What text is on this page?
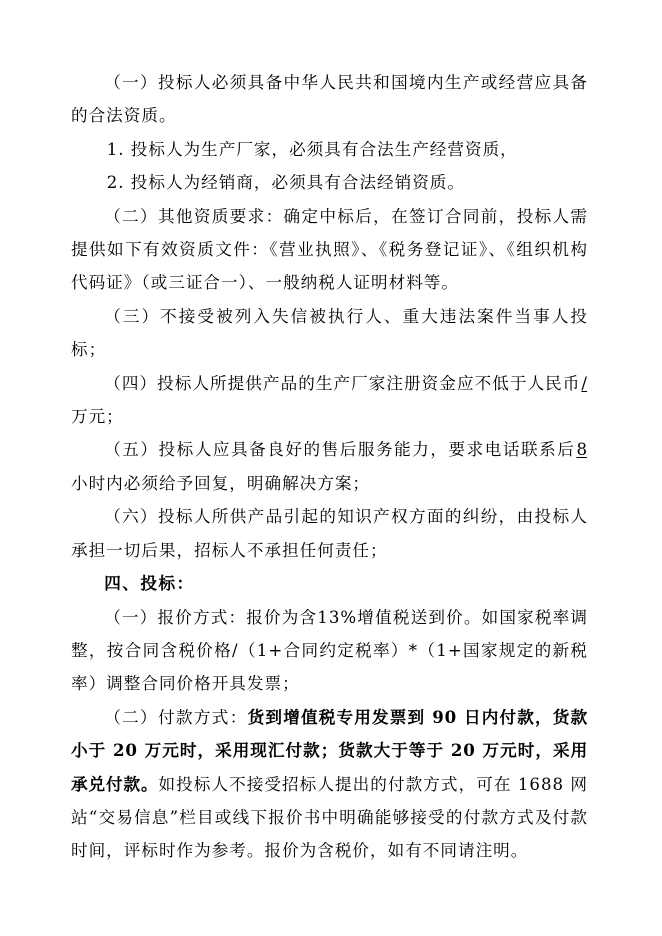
（一）投标人必须具备中华人民共和国境内生产或经营应具备的合法资质。

1. 投标人为生产厂家，必须具有合法生产经营资质，

2. 投标人为经销商，必须具有合法经销资质。

（二）其他资质要求：确定中标后，在签订合同前，投标人需提供如下有效资质文件：《营业执照》、《税务登记证》、《组织机构代码证》（或三证合一）、一般纳税人证明材料等。

（三）不接受被列入失信被执行人、重大违法案件当事人投标；

（四）投标人所提供产品的生产厂家注册资金应不低于人民币/万元；

（五）投标人应具备良好的售后服务能力，要求电话联系后8小时内必须给予回复，明确解决方案；

（六）投标人所供产品引起的知识产权方面的纠纷，由投标人承担一切后果，招标人不承担任何责任；

四、投标：

（一）报价方式：报价为含13%增值税送到价。如国家税率调整，按合同含税价格/（1+合同约定税率）*（1+国家规定的新税率）调整合同价格开具发票；

（二）付款方式：货到增值税专用发票到 90 日内付款，货款小于 20 万元时，采用现汇付款；货款大于等于 20 万元时，采用承兑付款。如投标人不接受招标人提出的付款方式，可在 1688 网站“交易信息”栏目或线下报价书中明确能够接受的付款方式及付款时间，评标时作为参考。报价为含税价，如有不同请注明。
